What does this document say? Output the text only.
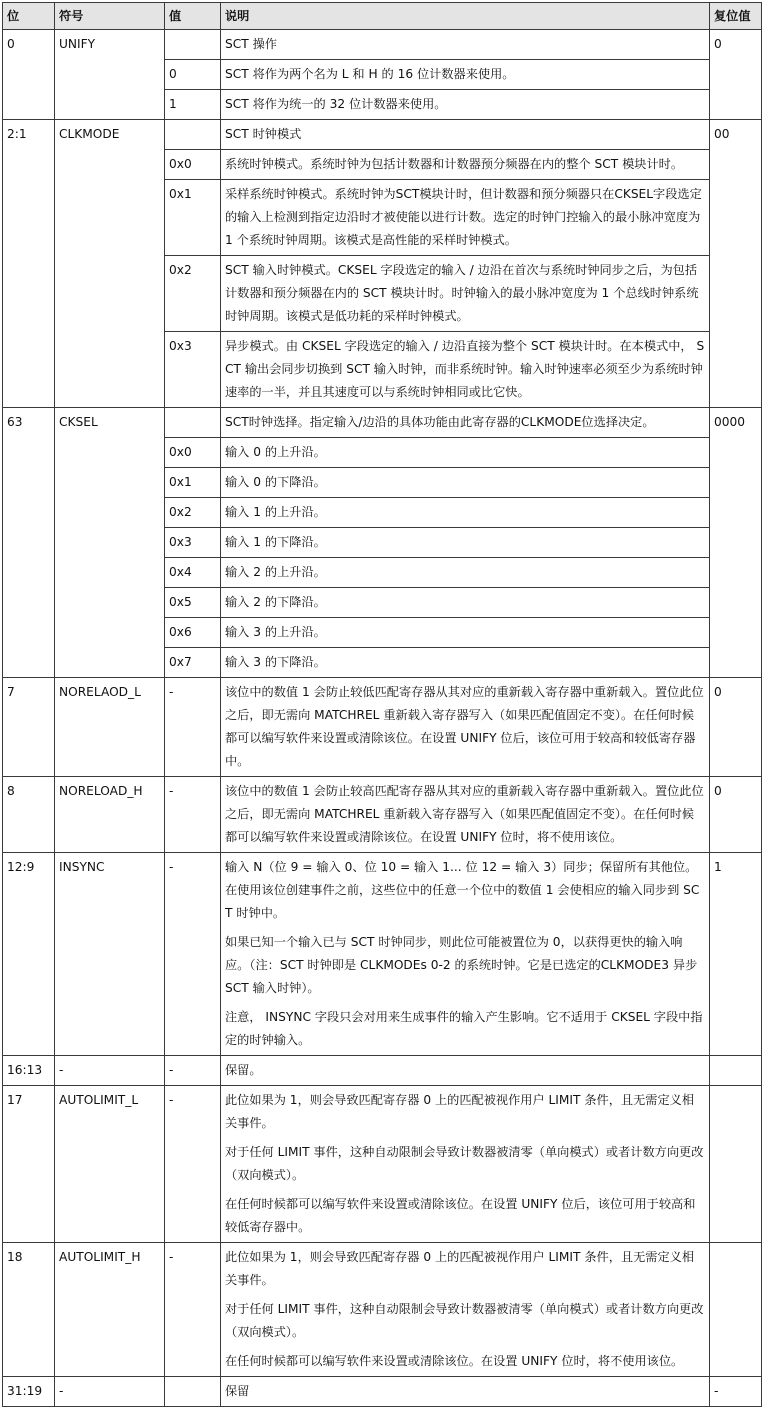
位	符号	值	说明	复位值
0	UNIFY		SCT 操作	0
		0	SCT 将作为两个名为 L 和 H 的 16 位计数器来使用。	
		1	SCT 将作为统一的 32 位计数器来使用。	
2:1	CLKMODE		SCT 时钟模式	00
		0x0	系统时钟模式。系统时钟为包括计数器和计数器预分频器在内的整个 SCT 模块计时。	
		0x1	采样系统时钟模式。系统时钟为SCT模块计时，但计数器和预分频器只在CKSEL字段选定的输入上检测到指定边沿时才被使能以进行计数。选定的时钟门控输入的最小脉冲宽度为 1 个系统时钟周期。该模式是高性能的采样时钟模式。	
		0x2	SCT 输入时钟模式。CKSEL 字段选定的输入 / 边沿在首次与系统时钟同步之后，为包括计数器和预分频器在内的 SCT 模块计时。时钟输入的最小脉冲宽度为 1 个总线时钟系统时钟周期。该模式是低功耗的采样时钟模式。	
		0x3	异步模式。由 CKSEL 字段选定的输入 / 边沿直接为整个 SCT 模块计时。在本模式中， SCT 输出会同步切换到 SCT 输入时钟，而非系统时钟。输入时钟速率必须至少为系统时钟速率的一半，并且其速度可以与系统时钟相同或比它快。	
63	CKSEL		SCT时钟选择。指定输入/边沿的具体功能由此寄存器的CLKMODE位选择决定。	0000
		0x0	输入 0 的上升沿。	
		0x1	输入 0 的下降沿。	
		0x2	输入 1 的上升沿。	
		0x3	输入 1 的下降沿。	
		0x4	输入 2 的上升沿。	
		0x5	输入 2 的下降沿。	
		0x6	输入 3 的上升沿。	
		0x7	输入 3 的下降沿。	
7	NORELAOD_L	-	该位中的数值 1 会防止较低匹配寄存器从其对应的重新载入寄存器中重新载入。置位此位之后，即无需向 MATCHREL 重新载入寄存器写入（如果匹配值固定不变）。在任何时候都可以编写软件来设置或清除该位。在设置 UNIFY 位后，该位可用于较高和较低寄存器中。	0
8	NORELOAD_H	-	该位中的数值 1 会防止较高匹配寄存器从其对应的重新载入寄存器中重新载入。置位此位之后，即无需向 MATCHREL 重新载入寄存器写入（如果匹配值固定不变）。在任何时候都可以编写软件来设置或清除该位。在设置 UNIFY 位时，将不使用该位。	0
12:9	INSYNC	-	输入 N（位 9 = 输入 0、位 10 = 输入 1... 位 12 = 输入 3）同步；保留所有其他位。在使用该位创建事件之前，这些位中的任意一个位中的数值 1 会使相应的输入同步到 SCT 时钟中。
如果已知一个输入已与 SCT 时钟同步，则此位可能被置位为 0，以获得更快的输入响应。（注：SCT 时钟即是 CLKMODEs 0-2 的系统时钟。它是已选定的CLKMODE3 异步 SCT 输入时钟）。
注意， INSYNC 字段只会对用来生成事件的输入产生影响。它不适用于 CKSEL 字段中指定的时钟输入。	1
16:13	-	-	保留。	
17	AUTOLIMIT_L	-	此位如果为 1，则会导致匹配寄存器 0 上的匹配被视作用户 LIMIT 条件，且无需定义相关事件。
对于任何 LIMIT 事件，这种自动限制会导致计数器被清零（单向模式）或者计数方向更改（双向模式）。
在任何时候都可以编写软件来设置或清除该位。在设置 UNIFY 位后，该位可用于较高和较低寄存器中。	

18	AUTOLIMIT_H	-	此位如果为 1，则会导致匹配寄存器 0 上的匹配被视作用户 LIMIT 条件，且无需定义相关事件。
对于任何 LIMIT 事件，这种自动限制会导致计数器被清零（单向模式）或者计数方向更改（双向模式）。
在任何时候都可以编写软件来设置或清除该位。在设置 UNIFY 位时，将不使用该位。	

31:19	-		保留	-
